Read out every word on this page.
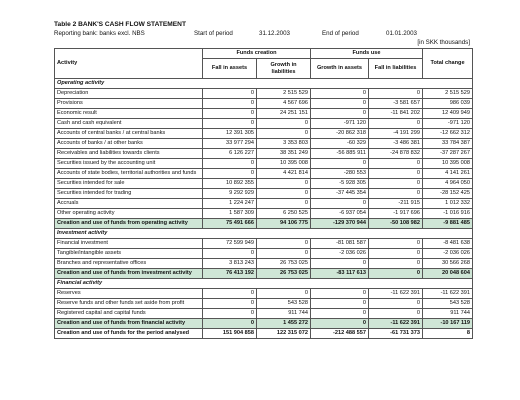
Table 2 BANK'S CASH FLOW STATEMENT
Reporting bank: banks excl. NBS	Start of period	31.12.2003	End of period	01.01.2003
[in SKK thousands]
Activity	Funds creation		Funds use		Total change
	Fall in assets	Growth in liabilities	Growth in assets	Fall in liabilities	
Operating activity					
Depreciation	0	2 515 529	0	0	2 515 529
Provisions	0	4 567 696	0	-3 581 657	986 039
Economic result	0	24 251 151	0	-11 841 202	12 409 949
Cash and cash equivalent	0	0	-971 120	0	-971 120
Accounts of central banks / at central banks	12 391 305	0	-20 862 318	-4 191 299	-12 662 312
Accounts of banks / at other banks	33 977 294	3 353 803	-60 329	-3 486 381	33 784 387
Receivables and liabilities towards clients	6 126 227	38 351 249	-56 885 911	-24 878 832	-37 287 267
Securities issued by the accounting unit	0	10 395 008	0	0	10 395 008
Accounts of state bodies, territorial authorities and funds	0	4 421 814	-280 553	0	4 141 261
Securities intended for sale	10 892 355	0	-5 928 305	0	4 964 050
Securities intended for trading	9 292 929	0	-37 445 354	0	-28 152 425
Accruals	1 224 247	0	0	-211 915	1 012 332
Other operating activity	1 587 309	6 250 525	-6 937 054	-1 917 696	-1 016 916
Creation and use of funds from operating activity	75 491 666	94 106 775	-129 370 944	-50 108 982	-9 881 485
Investment activity					
Financial investment	72 599 949	0	-81 081 587	0	-8 481 638
Tangible/intangible assets	0	0	-2 036 026	0	-2 036 026
Branches and representative offices	3 813 243	26 753 025	0	0	30 566 268
Creation and use of funds from investment activity	76 413 192	26 753 025	-83 117 613	0	20 048 604
Financial activity					
Reserves	0	0	0	-11 622 391	-11 622 391
Reserve funds and other funds set aside from profit	0	543 528	0	0	543 528
Registered capital and capital funds	0	911 744	0	0	911 744
Creation and use of funds from financial activity	0	1 455 272	0	-11 622 391	-10 167 119
Creation and use of funds for the period analysed	151 904 858	122 315 072	-212 488 557	-61 731 373	8
